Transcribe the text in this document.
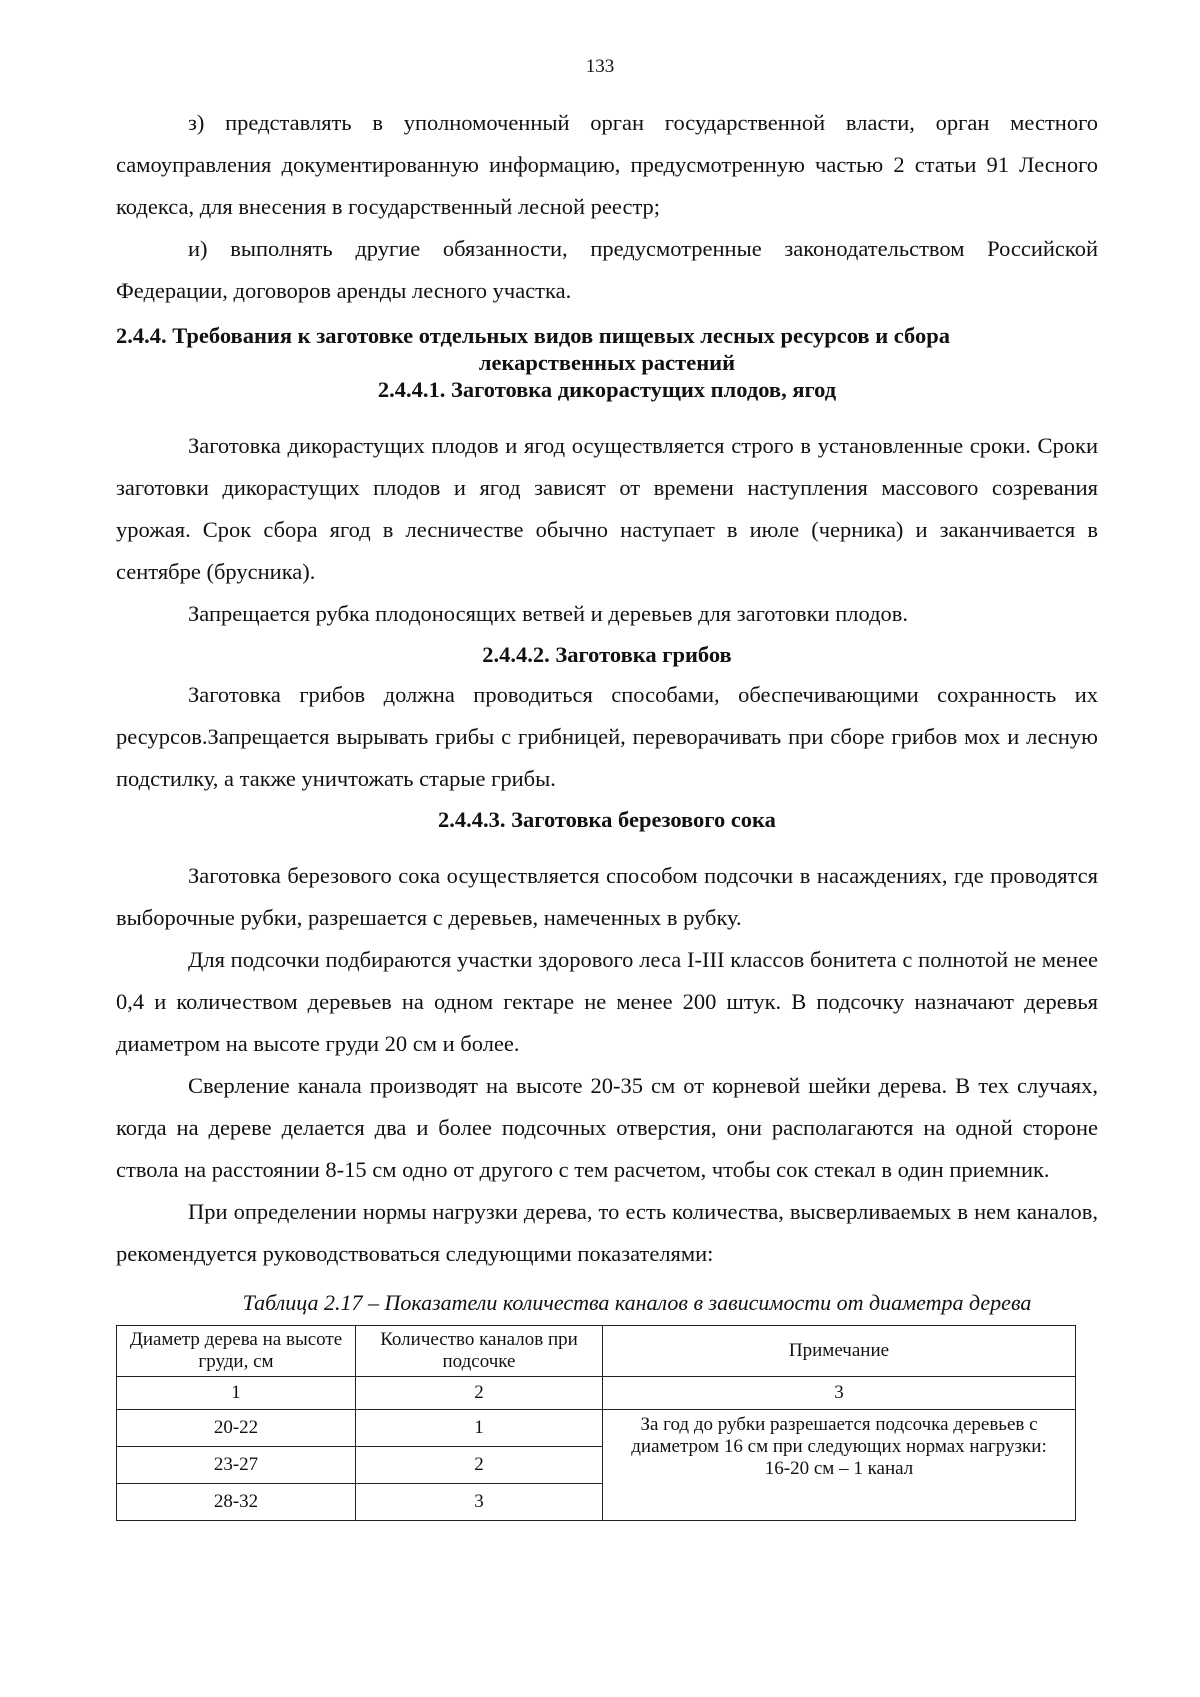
133

з) представлять в уполномоченный орган государственной власти, орган местного самоуправления документированную информацию, предусмотренную частью 2 статьи 91 Лесного кодекса, для внесения в государственный лесной реестр;

и) выполнять другие обязанности, предусмотренные законодательством Российской Федерации, договоров аренды лесного участка.

2.4.4. Требования к заготовке отдельных видов пищевых лесных ресурсов и сбора лекарственных растений
2.4.4.1. Заготовка дикорастущих плодов, ягод

Заготовка дикорастущих плодов и ягод осуществляется строго в установленные сроки. Сроки заготовки дикорастущих плодов и ягод зависят от времени наступления массового созревания урожая. Срок сбора ягод в лесничестве обычно наступает в июле (черника) и заканчивается в сентябре (брусника).

Запрещается рубка плодоносящих ветвей и деревьев для заготовки плодов.

2.4.4.2. Заготовка грибов

Заготовка грибов должна проводиться способами, обеспечивающими сохранность их ресурсов.Запрещается вырывать грибы с грибницей, переворачивать при сборе грибов мох и лесную подстилку, а также уничтожать старые грибы.

2.4.4.3. Заготовка березового сока

Заготовка березового сока осуществляется способом подсочки в насаждениях, где проводятся выборочные рубки, разрешается с деревьев, намеченных в рубку.

Для подсочки подбираются участки здорового леса I-III классов бонитета с полнотой не менее 0,4 и количеством деревьев на одном гектаре не менее 200 штук. В подсочку назначают деревья диаметром на высоте груди 20 см и более.

Сверление канала производят на высоте 20-35 см от корневой шейки дерева. В тех случаях, когда на дереве делается два и более подсочных отверстия, они располагаются на одной стороне ствола на расстоянии 8-15 см одно от другого с тем расчетом, чтобы сок стекал в один приемник.

При определении нормы нагрузки дерева, то есть количества, высверливаемых в нем каналов, рекомендуется руководствоваться следующими показателями:

Таблица 2.17 – Показатели количества каналов в зависимости от диаметра дерева
Диаметр дерева на высоте груди, см	Количество каналов при подсочке	Примечание
1	2	3
20-22	1	За год до рубки разрешается подсочка деревьев с диаметром 16 см при следующих нормах нагрузки:
16-20 см – 1 канал

23-27	2	
28-32	3	
